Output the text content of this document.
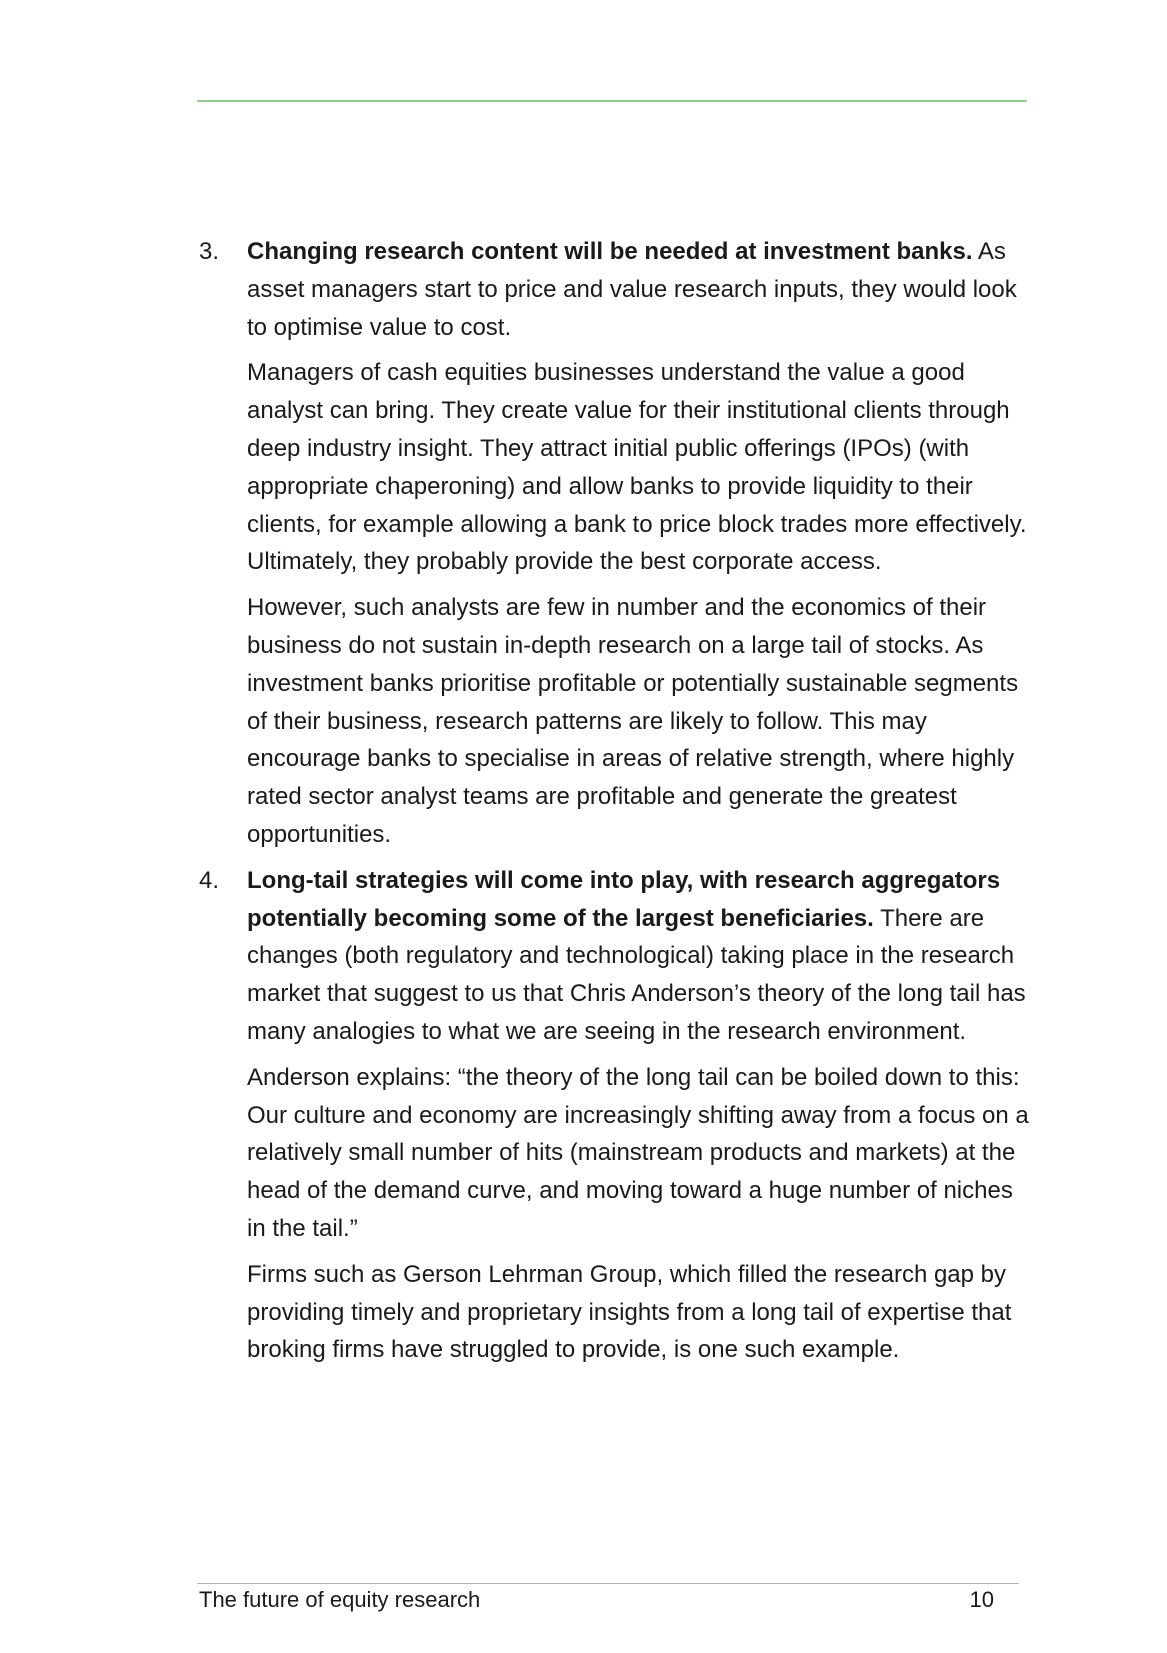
3.	Changing research content will be needed at investment banks. As asset managers start to price and value research inputs, they would look to optimise value to cost.

Managers of cash equities businesses understand the value a good analyst can bring. They create value for their institutional clients through deep industry insight. They attract initial public offerings (IPOs) (with appropriate chaperoning) and allow banks to provide liquidity to their clients, for example allowing a bank to price block trades more effectively. Ultimately, they probably provide the best corporate access.

However, such analysts are few in number and the economics of their business do not sustain in-depth research on a large tail of stocks. As investment banks prioritise profitable or potentially sustainable segments of their business, research patterns are likely to follow. This may encourage banks to specialise in areas of relative strength, where highly rated sector analyst teams are profitable and generate the greatest opportunities.

4.	Long-tail strategies will come into play, with research aggregators potentially becoming some of the largest beneficiaries. There are changes (both regulatory and technological) taking place in the research market that suggest to us that Chris Anderson’s theory of the long tail has many analogies to what we are seeing in the research environment.

Anderson explains: “the theory of the long tail can be boiled down to this: Our culture and economy are increasingly shifting away from a focus on a relatively small number of hits (mainstream products and markets) at the head of the demand curve, and moving toward a huge number of niches in the tail.”

Firms such as Gerson Lehrman Group, which filled the research gap by providing timely and proprietary insights from a long tail of expertise that broking firms have struggled to provide, is one such example.

The future of equity research	10
